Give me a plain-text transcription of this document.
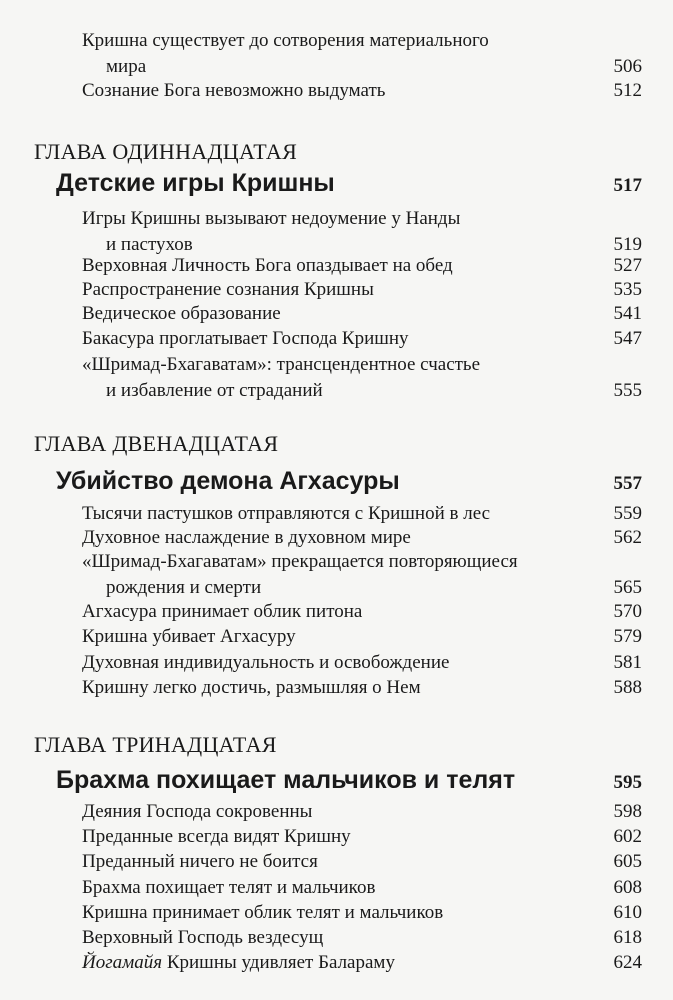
Кришна существует до сотворения материального
мира	506
Сознание Бога невозможно выдумать	512
ГЛАВА ОДИННАДЦАТАЯ
Детские игры Кришны	517
Игры Кришны вызывают недоумение у Нанды
и пастухов	519
Верховная Личность Бога опаздывает на обед	527
Распространение сознания Кришны	535
Ведическое образование	541
Бакасура проглатывает Господа Кришну	547
«Шримад-Бхагаватам»: трансцендентное счастье
и избавление от страданий	555
ГЛАВА ДВЕНАДЦАТАЯ
Убийство демона Агхасуры	557
Тысячи пастушков отправляются с Кришной в лес	559
Духовное наслаждение в духовном мире	562
«Шримад-Бхагаватам» прекращается повторяющиеся
рождения и смерти	565
Агхасура принимает облик питона	570
Кришна убивает Агхасуру	579
Духовная индивидуальность и освобождение	581
Кришну легко достичь, размышляя о Нем	588
ГЛАВА ТРИНАДЦАТАЯ
Брахма похищает мальчиков и телят	595
Деяния Господа сокровенны	598
Преданные всегда видят Кришну	602
Преданный ничего не боится	605
Брахма похищает телят и мальчиков	608
Кришна принимает облик телят и мальчиков	610
Верховный Господь вездесущ	618
Йогамайя Кришны удивляет Балараму	624
